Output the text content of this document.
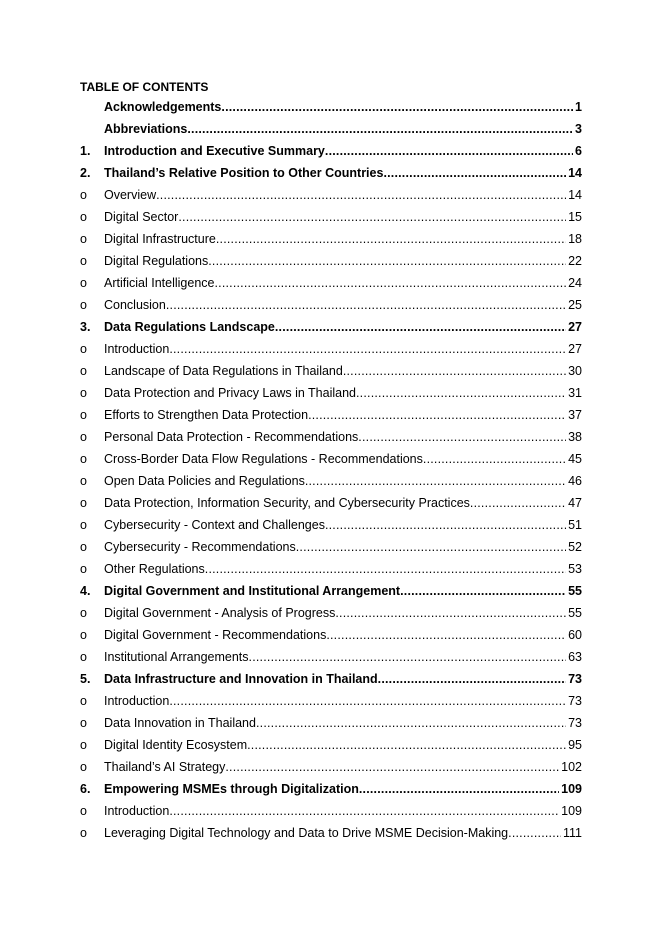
TABLE OF CONTENTS
Acknowledgements .....	1
Abbreviations .....	3
1.	Introduction and Executive Summary .....	6
2.	Thailand’s Relative Position to Other Countries .....	14
o	Overview .....	14
o	Digital Sector .....	15
o	Digital Infrastructure .....	18
o	Digital Regulations .....	22
o	Artificial Intelligence .....	24
o	Conclusion .....	25
3.	Data Regulations Landscape .....	27
o	Introduction .....	27
o	Landscape of Data Regulations in Thailand .....	30
o	Data Protection and Privacy Laws in Thailand .....	31
o	Efforts to Strengthen Data Protection .....	37
o	Personal Data Protection - Recommendations .....	38
o	Cross-Border Data Flow Regulations - Recommendations .....	45
o	Open Data Policies and Regulations .....	46
o	Data Protection, Information Security, and Cybersecurity Practices .....	47
o	Cybersecurity - Context and Challenges .....	51
o	Cybersecurity - Recommendations .....	52
o	Other Regulations .....	53
4.	Digital Government and Institutional Arrangement .....	55
o	Digital Government - Analysis of Progress .....	55
o	Digital Government - Recommendations .....	60
o	Institutional Arrangements .....	63
5.	Data Infrastructure and Innovation in Thailand .....	73
o	Introduction .....	73
o	Data Innovation in Thailand .....	73
o	Digital Identity Ecosystem .....	95
o	Thailand’s AI Strategy .....	102
6.	Empowering MSMEs through Digitalization .....	109
o	Introduction .....	109
o	Leveraging Digital Technology and Data to Drive MSME Decision-Making .....	111
